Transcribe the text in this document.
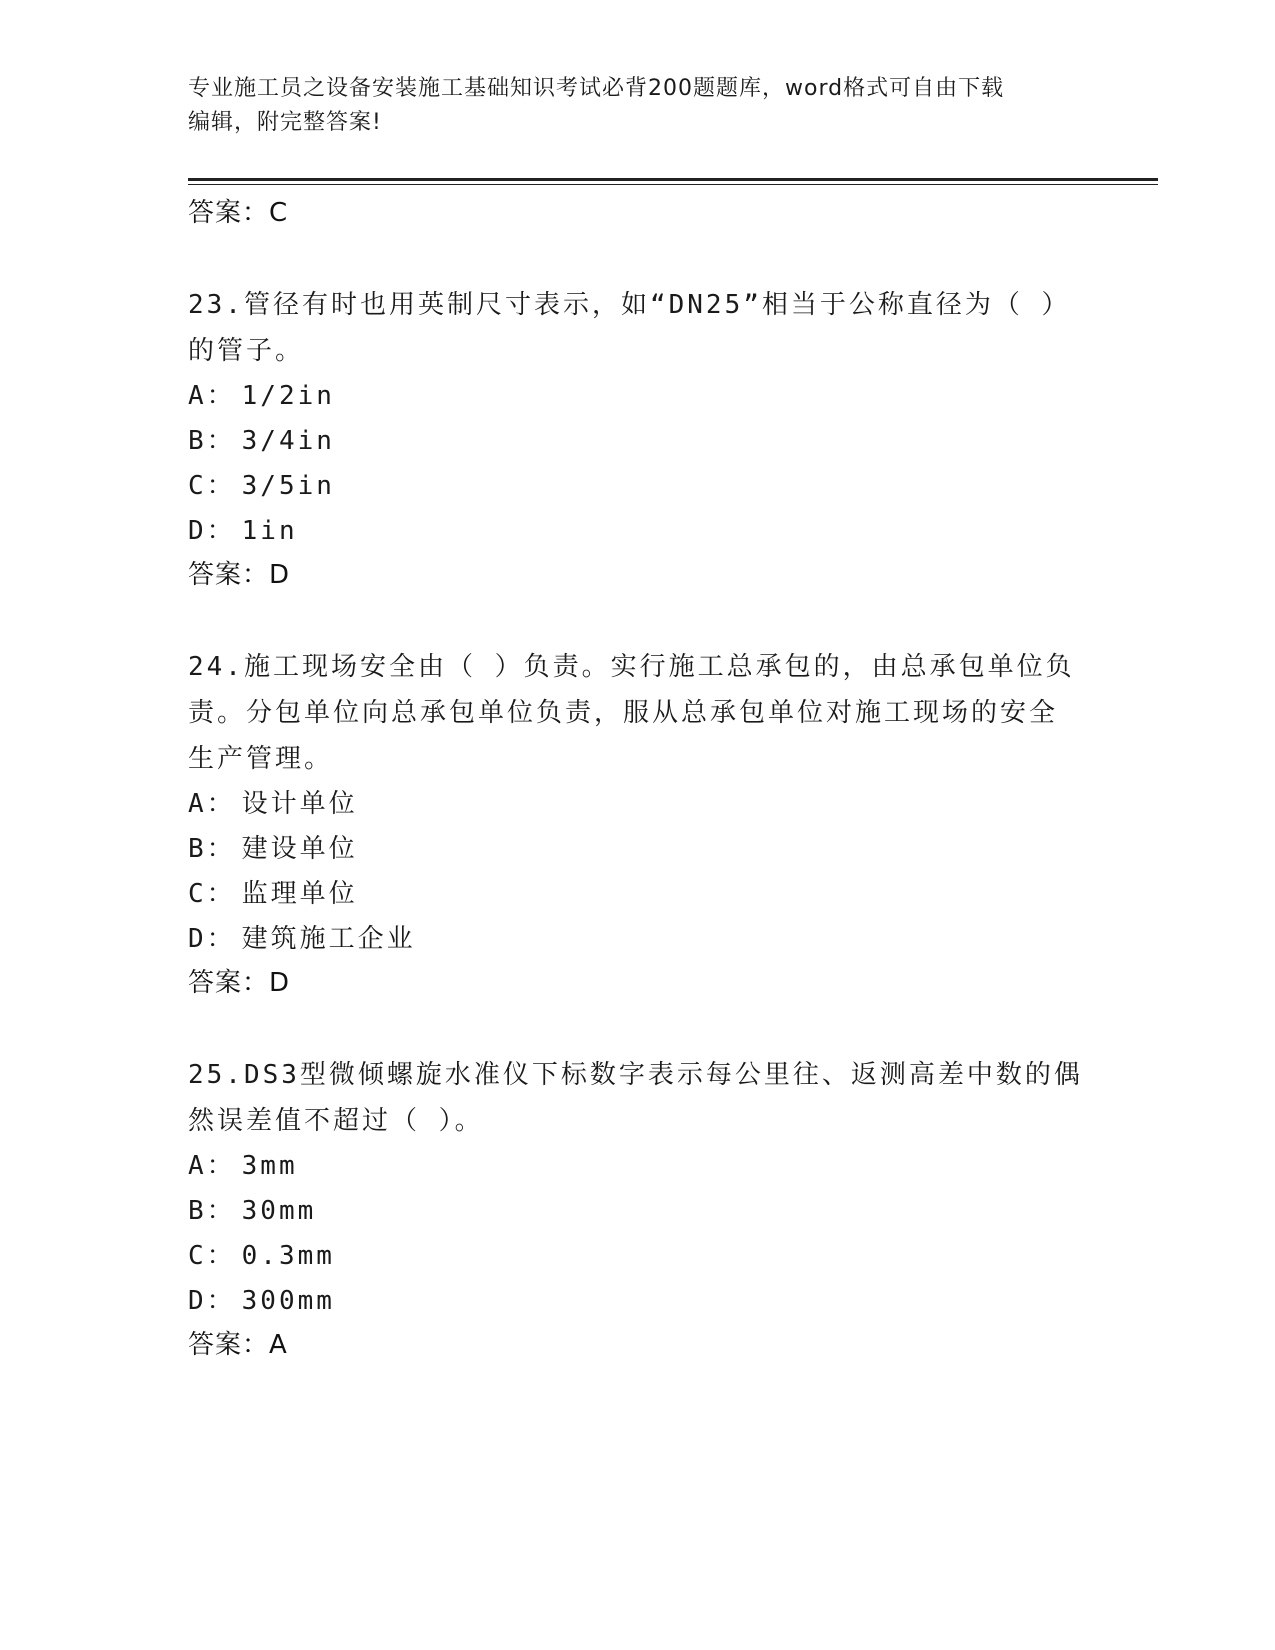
专业施工员之设备安装施工基础知识考试必背200题题库，word格式可自由下载
编辑，附完整答案!
答案：C
23.管径有时也用英制尺寸表示，如“DN25”相当于公称直径为（ ）
的管子。
A： 1/2in
B： 3/4in
C： 3/5in
D： 1in
答案：D
24.施工现场安全由（ ）负责。实行施工总承包的，由总承包单位负
责。分包单位向总承包单位负责，服从总承包单位对施工现场的安全
生产管理。
A： 设计单位
B： 建设单位
C： 监理单位
D： 建筑施工企业
答案：D
25.DS3型微倾螺旋水准仪下标数字表示每公里往、返测高差中数的偶
然误差值不超过（ ）。
A： 3mm
B： 30mm
C： 0.3mm
D： 300mm
答案：A
